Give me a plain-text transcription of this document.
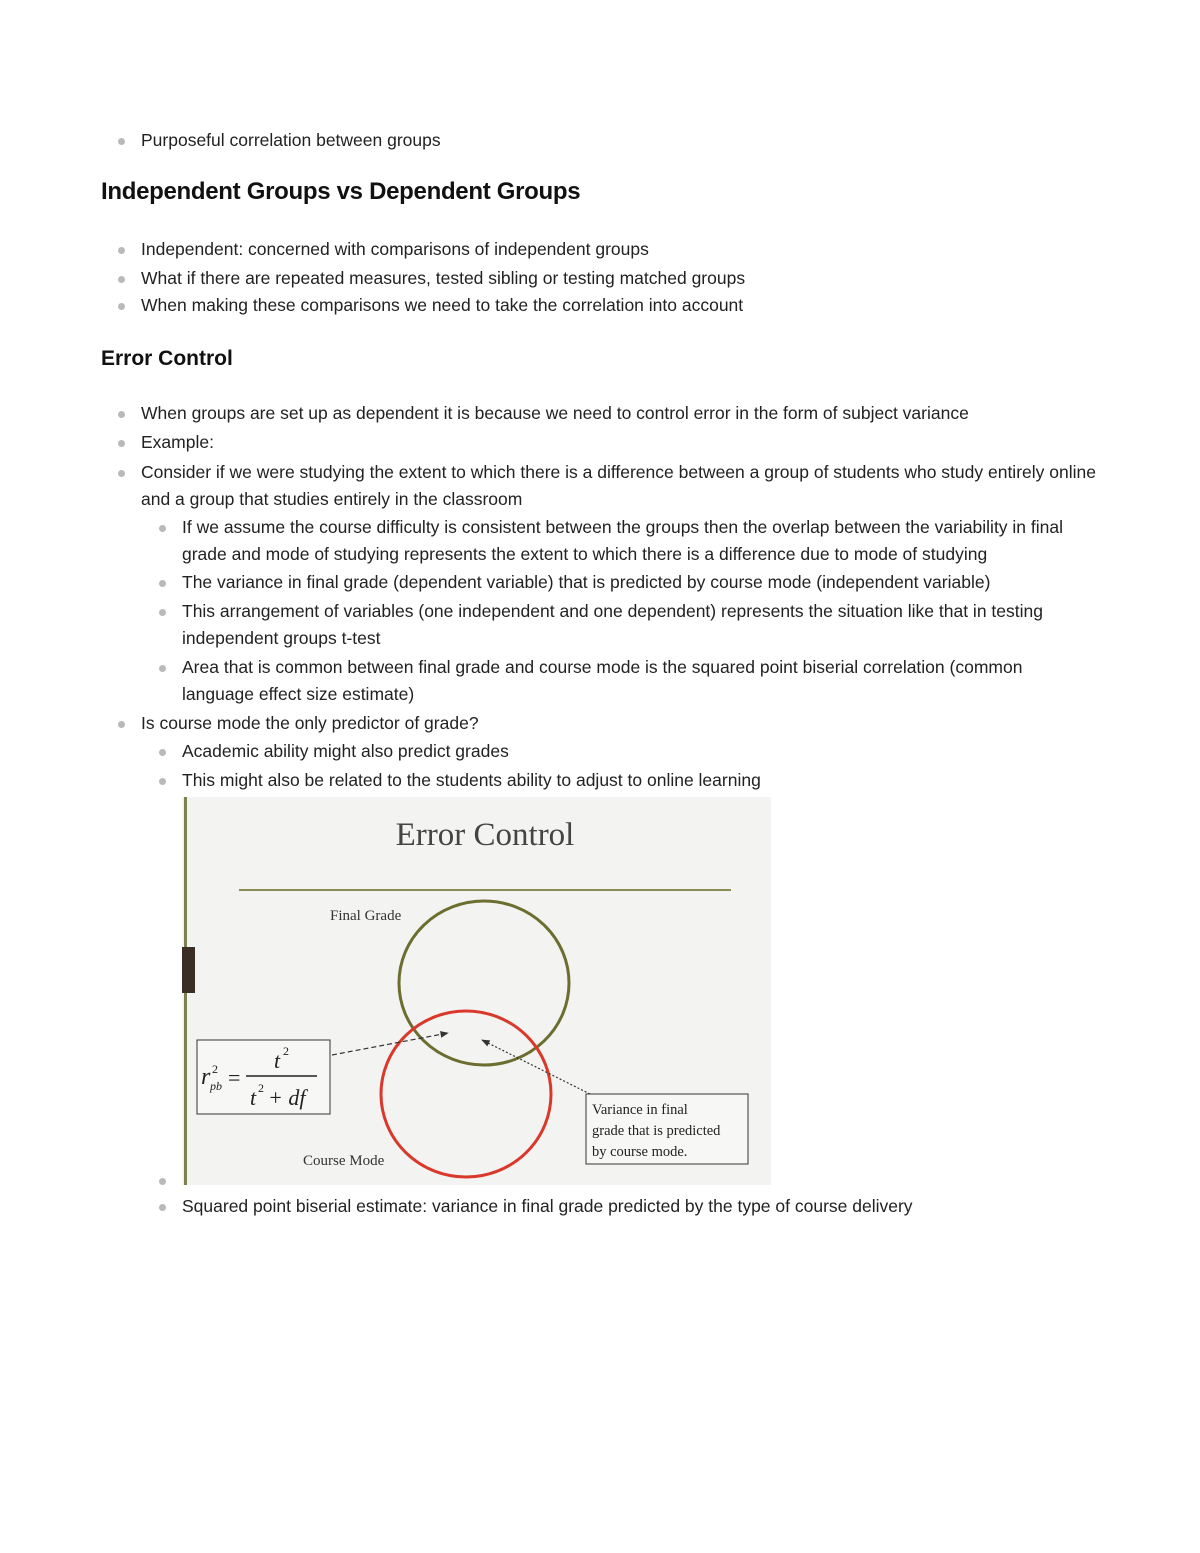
Purposeful correlation between groups
Independent Groups vs Dependent Groups
Independent: concerned with comparisons of independent groups
What if there are repeated measures, tested sibling or testing matched groups
When making these comparisons we need to take the correlation into account
Error Control
When groups are set up as dependent it is because we need to control error in the form of subject variance
Example:
Consider if we were studying the extent to which there is a difference between a group of students who study entirely online and a group that studies entirely in the classroom
If we assume the course difficulty is consistent between the groups then the overlap between the variability in final grade and mode of studying represents the extent to which there is a difference due to mode of studying
The variance in final grade (dependent variable) that is predicted by course mode (independent variable)
This arrangement of variables (one independent and one dependent) represents the situation like that in testing independent groups t-test
Area that is common between final grade and course mode is the squared point biserial correlation (common language effect size estimate)
Is course mode the only predictor of grade?
Academic ability might also predict grades
This might also be related to the students ability to adjust to online learning
Squared point biserial estimate: variance in final grade predicted by the type of course delivery
Error Control
Final Grade
r 2
pb =
t 2
t 2 + df	Variance in final
grade that is predicted
by course mode.
Course Mode
